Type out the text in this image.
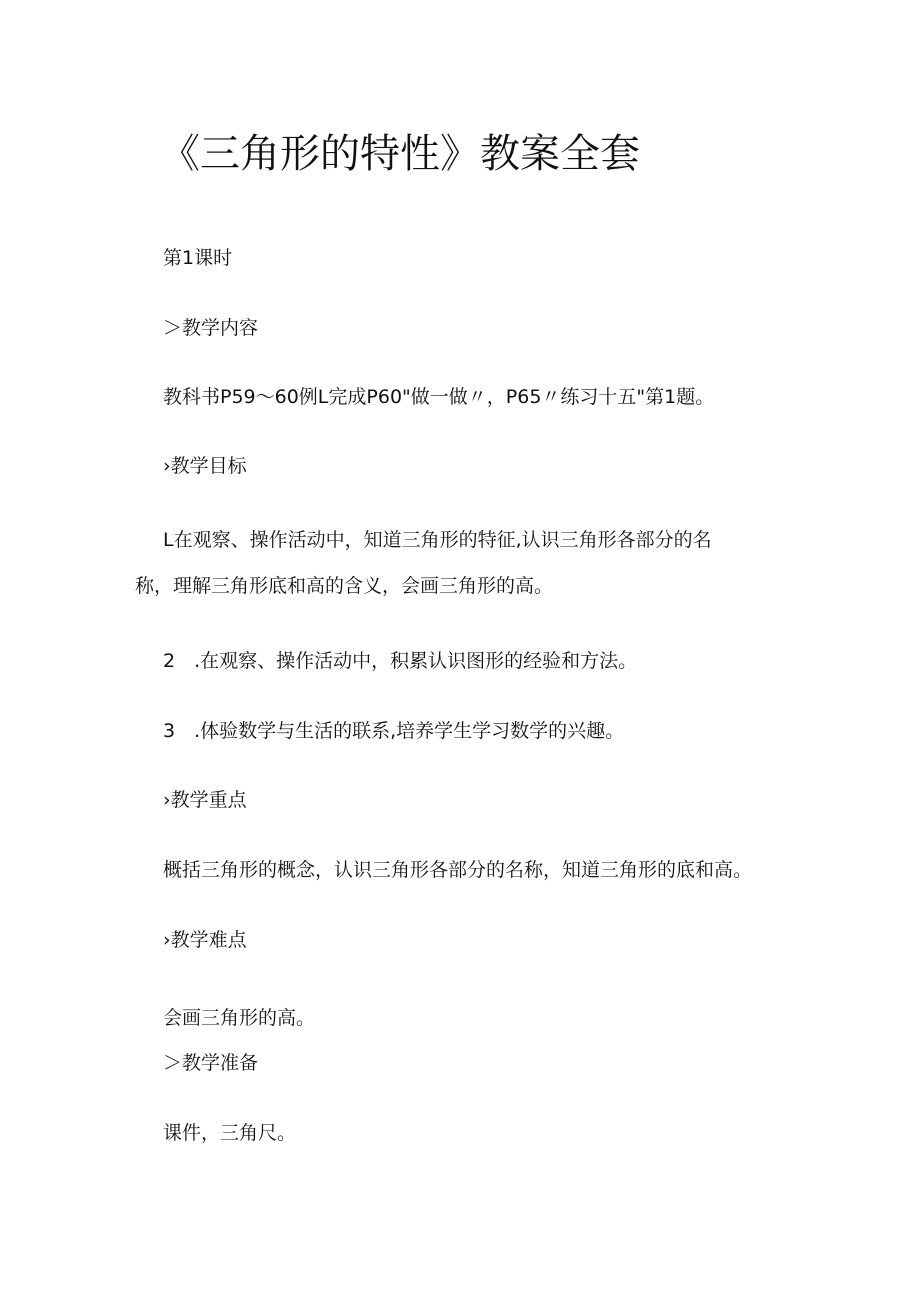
《三角形的特性》教案全套

第1课时

＞教学内容

教科书P59〜60例L完成P60"做一做〃，P65〃练习十五"第1题。

›教学目标

L在观察、操作活动中，知道三角形的特征,认识三角形各部分的名

称，理解三角形底和高的含义，会画三角形的高。

2　.在观察、操作活动中，积累认识图形的经验和方法。

3　.体验数学与生活的联系,培养学生学习数学的兴趣。

›教学重点

概括三角形的概念，认识三角形各部分的名称，知道三角形的底和高。

›教学难点

会画三角形的高。

＞教学准备

课件，三角尺。
